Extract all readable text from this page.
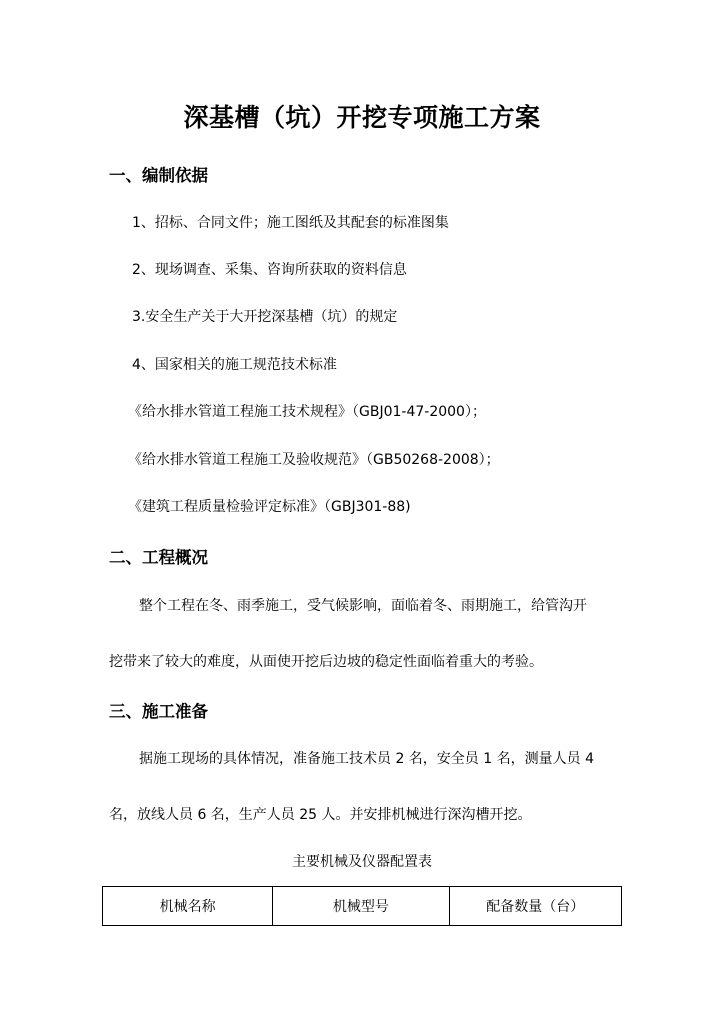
深基槽（坑）开挖专项施工方案
一、编制依据
1、招标、合同文件；施工图纸及其配套的标准图集
2、现场调查、采集、咨询所获取的资料信息
3.安全生产关于大开挖深基槽（坑）的规定
4、国家相关的施工规范技术标准
《给水排水管道工程施工技术规程》（GBJ01-47-2000）；
《给水排水管道工程施工及验收规范》（GB50268-2008）；
《建筑工程质量检验评定标准》（GBJ301-88)
二、工程概况
整个工程在冬、雨季施工，受气候影响，面临着冬、雨期施工，给管沟开
挖带来了较大的难度，从面使开挖后边坡的稳定性面临着重大的考验。
三、施工准备
据施工现场的具体情况，准备施工技术员 2 名，安全员 1 名，测量人员 4
名，放线人员 6 名，生产人员 25 人。并安排机械进行深沟槽开挖。
主要机械及仪器配置表
机械名称	机械型号	配备数量（台）
